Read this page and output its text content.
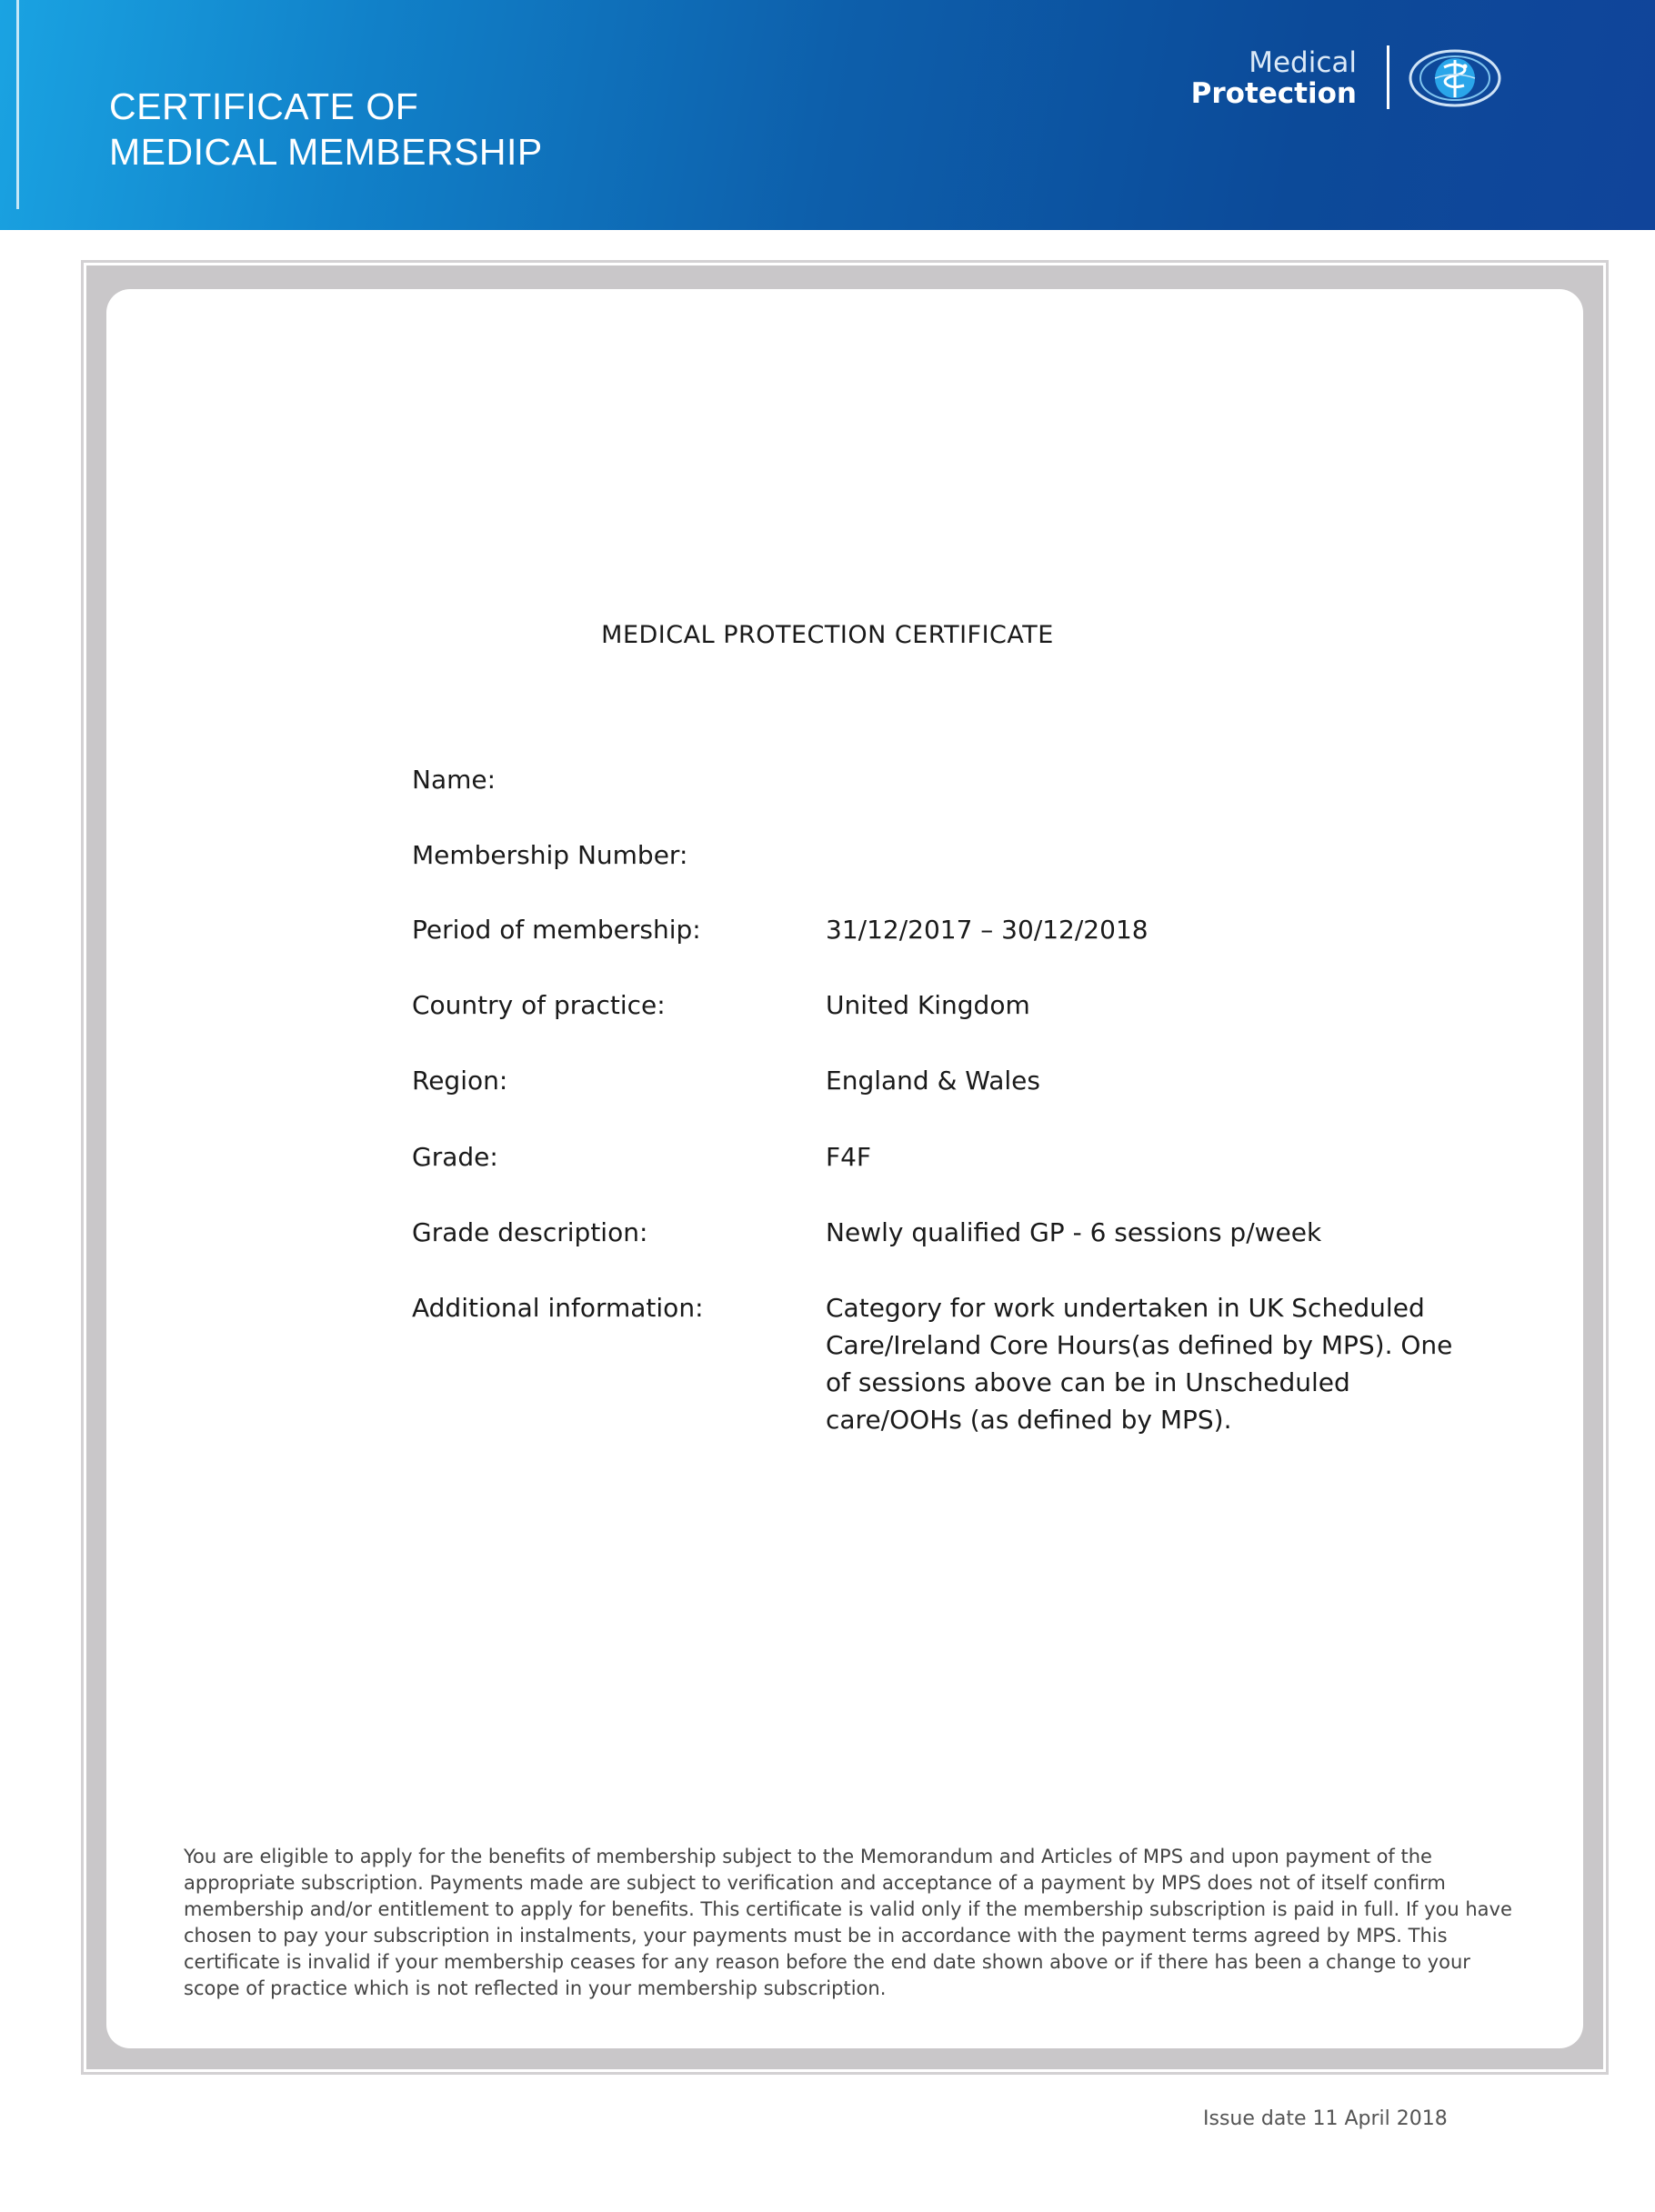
CERTIFICATE OF
MEDICAL MEMBERSHIP
Medical
Protection
MEDICAL PROTECTION CERTIFICATE
Name:
Membership Number:
Period of membership:	31/12/2017 – 30/12/2018
Country of practice:	United Kingdom
Region:	England & Wales
Grade:	F4F
Grade description:	Newly qualified GP - 6 sessions p/week
Additional information:	Category for work undertaken in UK Scheduled Care/Ireland Core Hours(as defined by MPS). One of sessions above can be in Unscheduled care/OOHs (as defined by MPS).
You are eligible to apply for the benefits of membership subject to the Memorandum and Articles of MPS and upon payment of the appropriate subscription. Payments made are subject to verification and acceptance of a payment by MPS does not of itself confirm membership and/or entitlement to apply for benefits. This certificate is valid only if the membership subscription is paid in full. If you have chosen to pay your subscription in instalments, your payments must be in accordance with the payment terms agreed by MPS. This certificate is invalid if your membership ceases for any reason before the end date shown above or if there has been a change to your scope of practice which is not reflected in your membership subscription.
Issue date 11 April 2018
